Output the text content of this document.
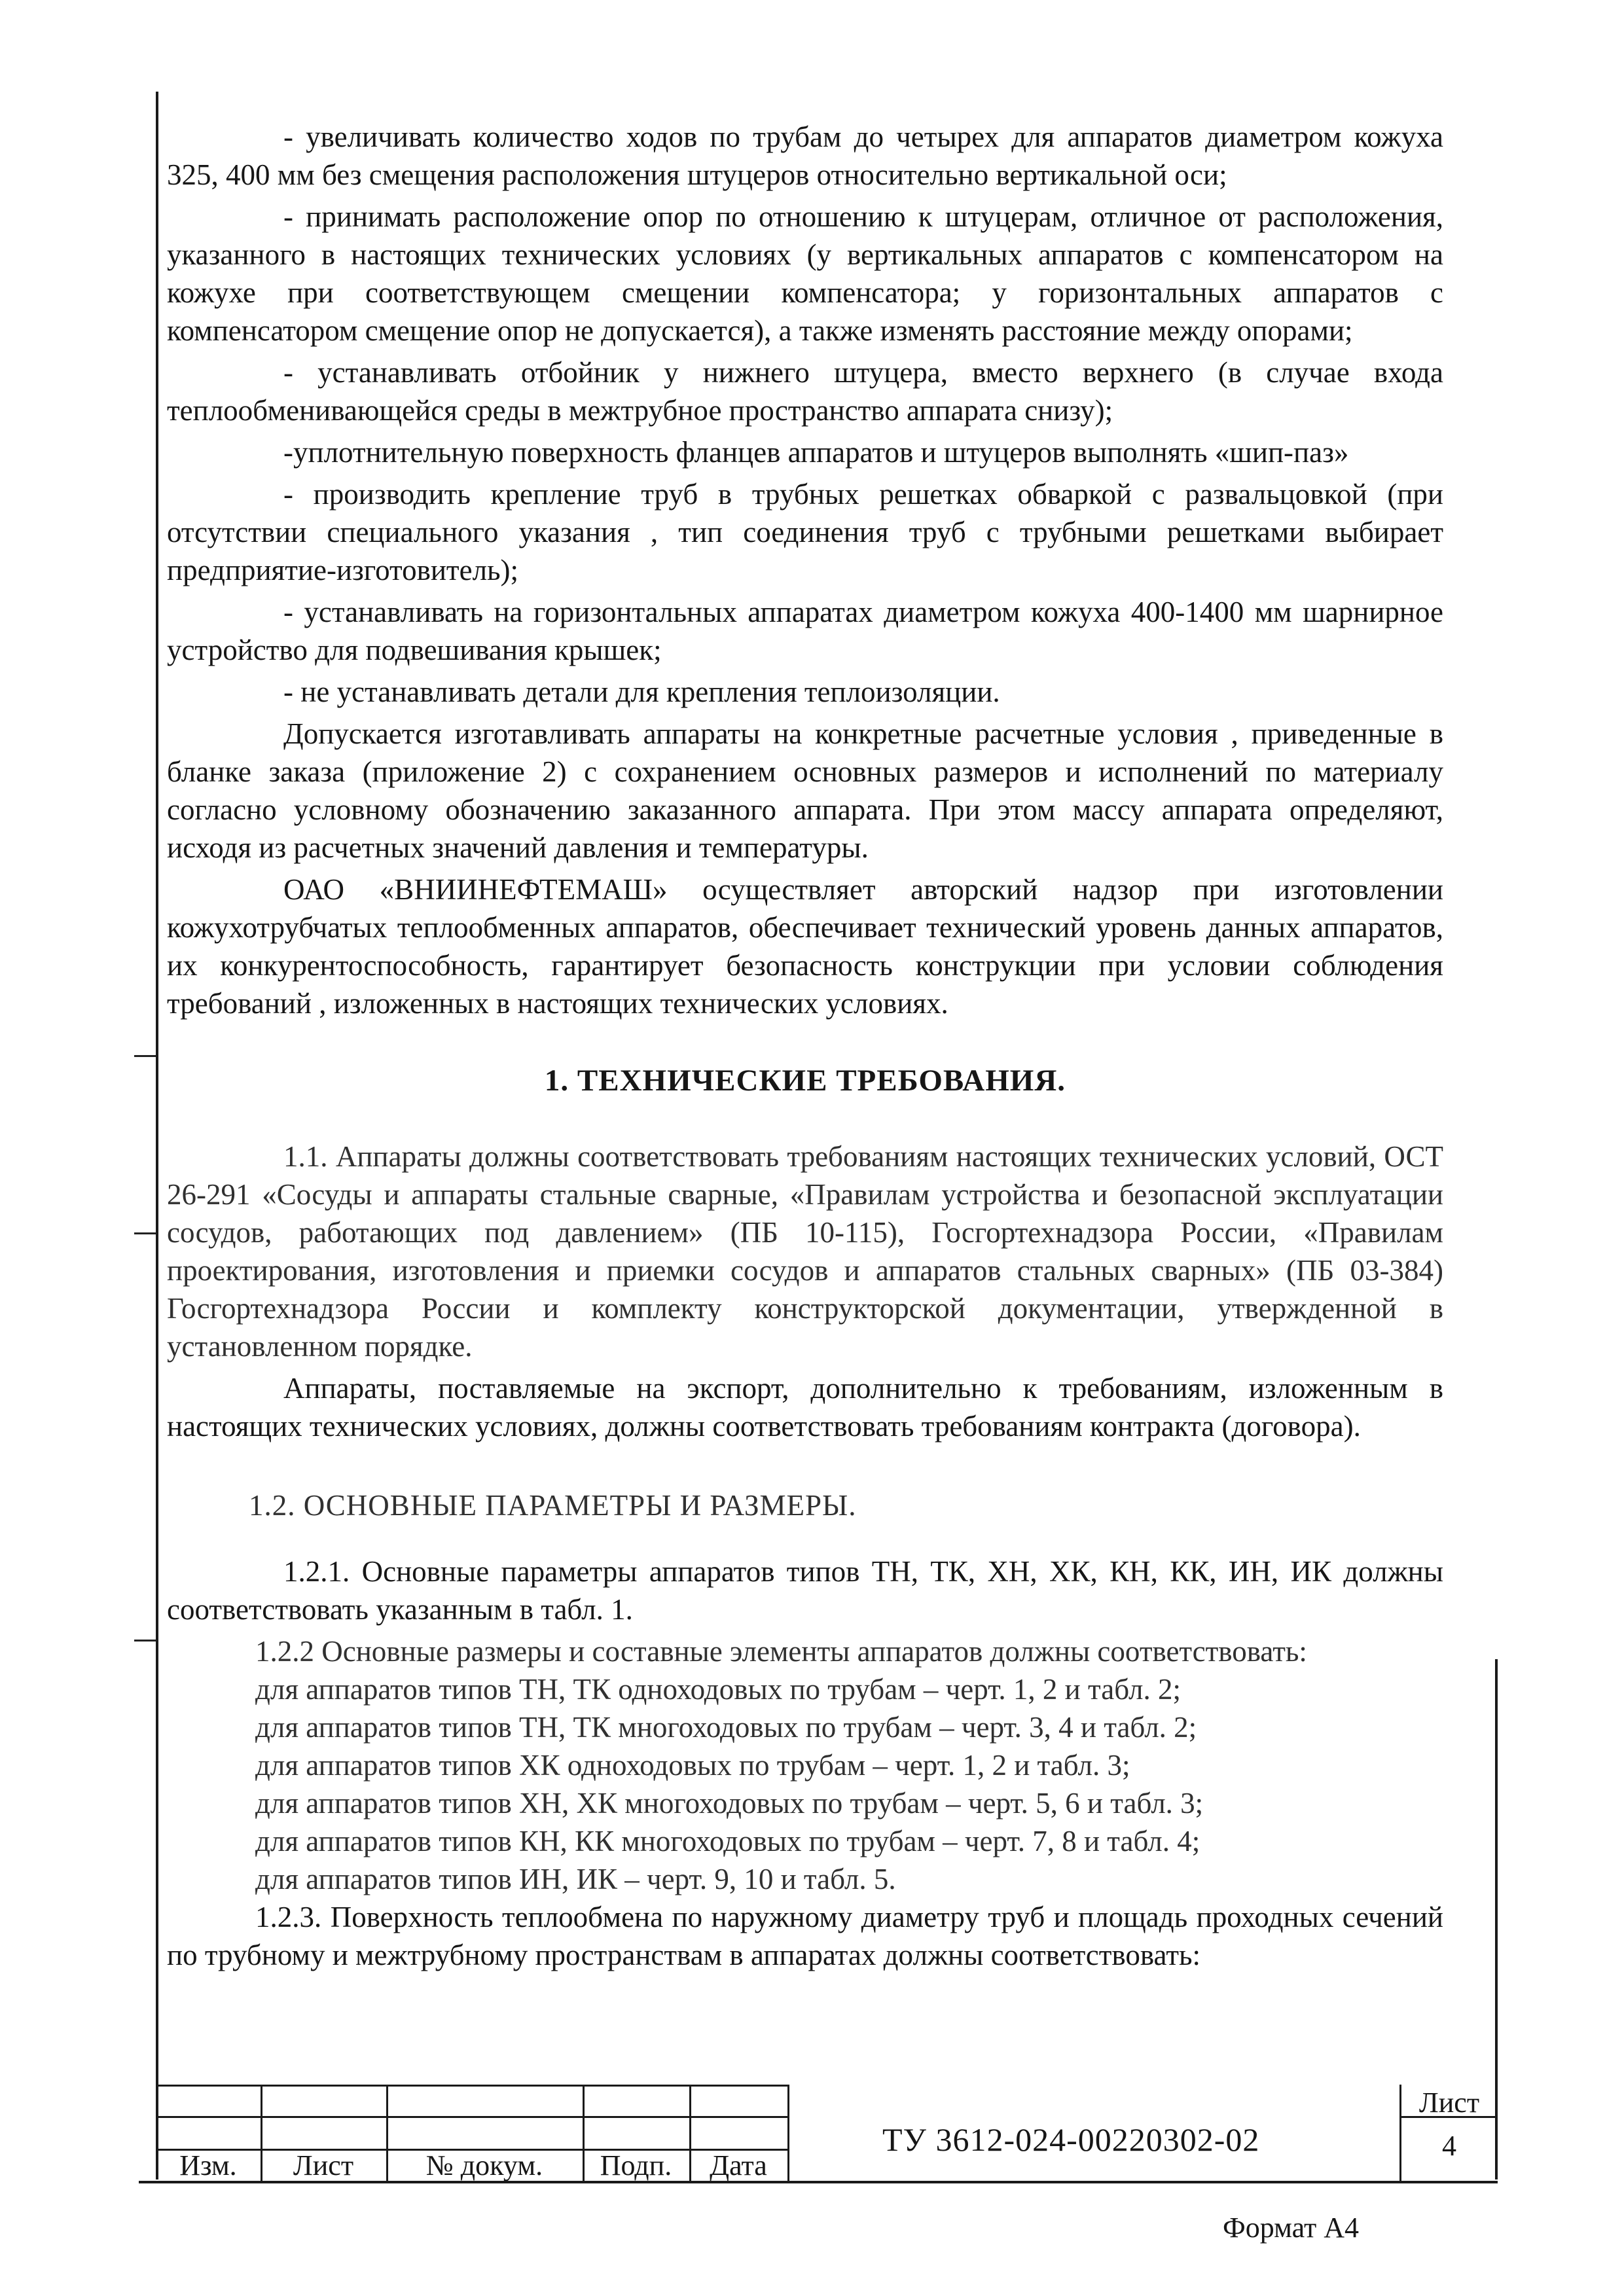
- увеличивать количество ходов по трубам до четырех для аппаратов диаметром кожуха 325, 400 мм без смещения расположения штуцеров относительно вертикальной оси;

- принимать расположение опор по отношению к штуцерам, отличное от расположения, указанного в настоящих технических условиях (у вертикальных аппаратов с компенсатором на кожухе при соответствующем смещении компенсатора; у горизонтальных аппаратов с компенсатором смещение опор не допускается), а также изменять расстояние между опорами;

- устанавливать отбойник у нижнего штуцера, вместо верхнего (в случае входа теплообменивающейся среды в межтрубное пространство аппарата снизу);

-уплотнительную поверхность фланцев аппаратов и штуцеров выполнять «шип-паз»

- производить крепление труб в трубных решетках обваркой с развальцовкой (при отсутствии специального указания , тип соединения труб с трубными решетками выбирает предприятие-изготовитель);

- устанавливать на горизонтальных аппаратах диаметром кожуха 400-1400 мм шарнирное устройство для подвешивания крышек;

- не устанавливать детали для крепления теплоизоляции.

Допускается изготавливать аппараты на конкретные расчетные условия , приведенные в бланке заказа (приложение 2) с сохранением основных размеров и исполнений по материалу согласно условному обозначению заказанного аппарата. При этом массу аппарата определяют, исходя из расчетных значений давления и температуры.

ОАО «ВНИИНЕФТЕМАШ» осуществляет авторский надзор при изготовлении кожухотрубчатых теплообменных аппаратов, обеспечивает технический уровень данных аппаратов, их конкурентоспособность, гарантирует безопасность конструкции при условии соблюдения требований , изложенных в настоящих технических условиях.

1. ТЕХНИЧЕСКИЕ ТРЕБОВАНИЯ.

1.1. Аппараты должны соответствовать требованиям настоящих технических условий, ОСТ 26-291 «Сосуды и аппараты стальные сварные, «Правилам устройства и безопасной эксплуатации сосудов, работающих под давлением» (ПБ 10-115), Госгортехнадзора России, «Правилам проектирования, изготовления и приемки сосудов и аппаратов стальных сварных» (ПБ 03-384) Госгортехнадзора России и комплекту конструкторской документации, утвержденной в установленном порядке.

Аппараты, поставляемые на экспорт, дополнительно к требованиям, изложенным в настоящих технических условиях, должны соответствовать требованиям контракта (договора).

1.2. ОСНОВНЫЕ ПАРАМЕТРЫ И РАЗМЕРЫ.

1.2.1. Основные параметры аппаратов типов ТН, ТК, ХН, ХК, КН, КК, ИН, ИК должны соответствовать указанным в табл. 1.

1.2.2 Основные размеры и составные элементы аппаратов должны соответствовать:

для аппаратов типов ТН, ТК одноходовых по трубам – черт. 1, 2 и табл. 2;

для аппаратов типов ТН, ТК многоходовых по трубам – черт. 3, 4 и табл. 2;

для аппаратов типов ХК одноходовых по трубам – черт. 1, 2 и табл. 3;

для аппаратов типов ХН, ХК многоходовых по трубам – черт. 5, 6 и табл. 3;

для аппаратов типов КН, КК многоходовых по трубам – черт. 7, 8 и табл. 4;

для аппаратов типов ИН, ИК – черт. 9, 10 и табл. 5.

1.2.3. Поверхность теплообмена по наружному диаметру труб и площадь проходных сечений по трубному и межтрубному пространствам в аппаратах должны соответствовать:

Изм.	Лист	№ докум.	Подп.	Дата
ТУ 3612-024-00220302-02
Лист
4
Формат А4
